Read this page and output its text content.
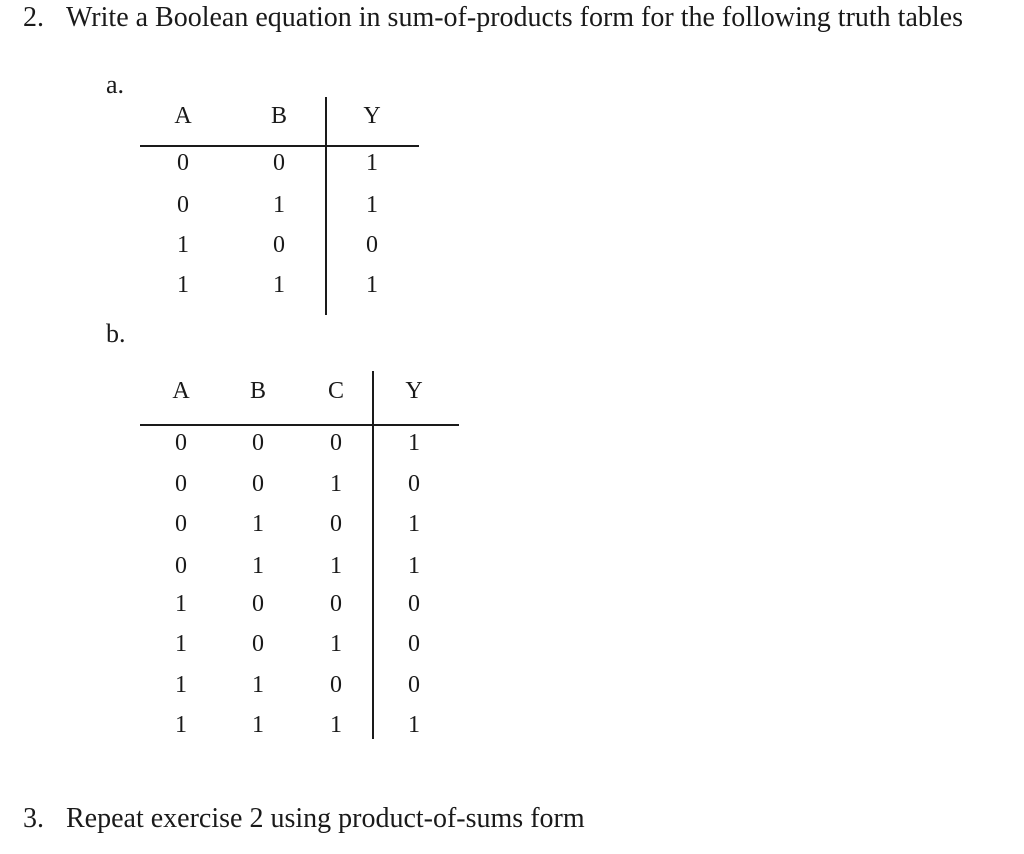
2. Write a Boolean equation in sum-of-products form for the following truth tables
a.
A	B	Y
0	0	1
0	1	1
1	0	0
1	1	1
b.
A	B	C	Y
0	0	0	1
0	0	1	0
0	1	0	1
0	1	1	1
1	0	0	0
1	0	1	0
1	1	0	0
1	1	1	1
3. Repeat exercise 2 using product-of-sums form
